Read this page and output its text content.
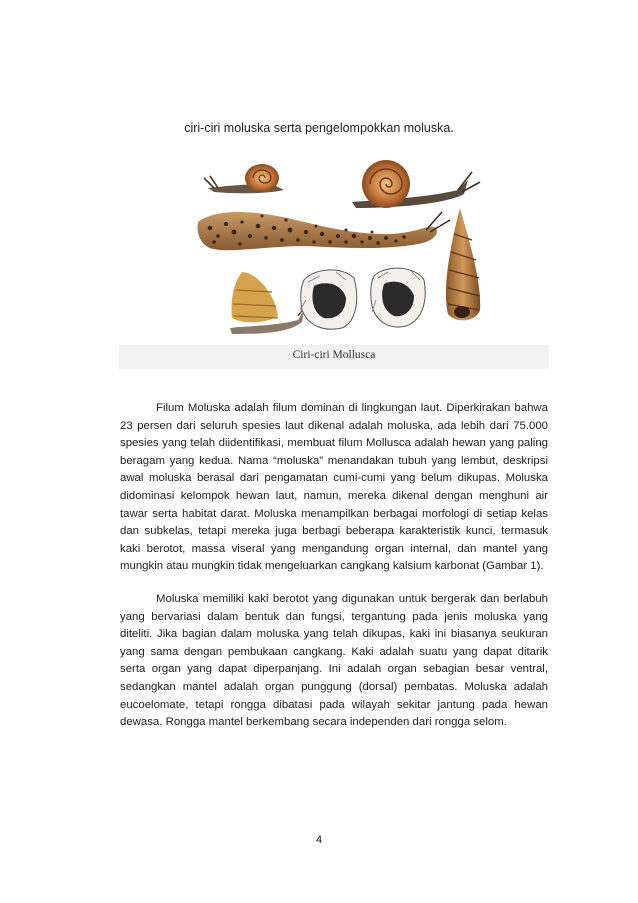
ciri-ciri moluska serta pengelompokkan moluska.
Ciri-ciri Mollusca

Filum Moluska adalah filum dominan di lingkungan laut. Diperkirakan bahwa 23 persen dari seluruh spesies laut dikenal adalah moluska, ada lebih dari 75.000 spesies yang telah diidentifikasi, membuat filum Mollusca adalah hewan yang paling beragam yang kedua. Nama “moluska” menandakan tubuh yang lembut, deskripsi awal moluska berasal dari pengamatan cumi-cumi yang belum dikupas. Moluska didominasi kelompok hewan laut, namun, mereka dikenal dengan menghuni air tawar serta habitat darat. Moluska menampilkan berbagai morfologi di setiap kelas dan subkelas, tetapi mereka juga berbagi beberapa karakteristik kunci, termasuk kaki berotot, massa viseral yang mengandung organ internal, dan mantel yang mungkin atau mungkin tidak mengeluarkan cangkang kalsium karbonat (Gambar 1).

Moluska memiliki kaki berotot yang digunakan untuk bergerak dan berlabuh yang bervariasi dalam bentuk dan fungsi, tergantung pada jenis moluska yang diteliti. Jika bagian dalam moluska yang telah dikupas, kaki ini biasanya seukuran yang sama dengan pembukaan cangkang. Kaki adalah suatu yang dapat ditarik serta organ yang dapat diperpanjang. Ini adalah organ sebagian besar ventral, sedangkan mantel adalah organ punggung (dorsal) pembatas. Moluska adalah eucoelomate, tetapi rongga dibatasi pada wilayah sekitar jantung pada hewan dewasa. Rongga mantel berkembang secara independen dari rongga selom.

4
